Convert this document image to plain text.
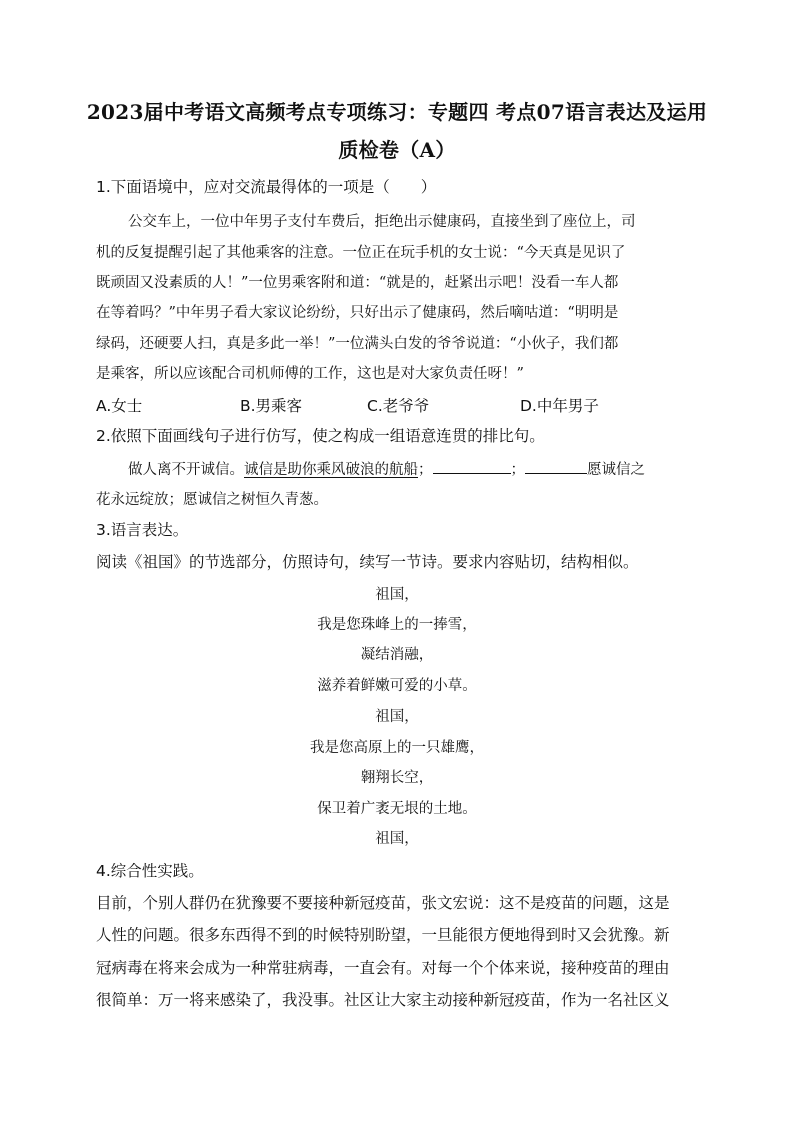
2023届中考语文高频考点专项练习：专题四 考点07语言表达及运用
质检卷（A）
1.下面语境中，应对交流最得体的一项是（　　）
公交车上，一位中年男子支付车费后，拒绝出示健康码，直接坐到了座位上，司
机的反复提醒引起了其他乘客的注意。一位正在玩手机的女士说：“今天真是见识了
既顽固又没素质的人！”一位男乘客附和道：“就是的，赶紧出示吧！没看一车人都
在等着吗？”中年男子看大家议论纷纷，只好出示了健康码，然后嘀咕道：“明明是
绿码，还硬要人扫，真是多此一举！”一位满头白发的爷爷说道：“小伙子，我们都
是乘客，所以应该配合司机师傅的工作，这也是对大家负责任呀！”
A.女士	B.男乘客	C.老爷爷	D.中年男子
2.依照下面画线句子进行仿写，使之构成一组语意连贯的排比句。
做人离不开诚信。诚信是助你乘风破浪的航船；	；	愿诚信之
花永远绽放；愿诚信之树恒久青葱。
3.语言表达。
阅读《祖国》的节选部分，仿照诗句，续写一节诗。要求内容贴切，结构相似。
祖国，
我是您珠峰上的一捧雪，
凝结消融，
滋养着鲜嫩可爱的小草。
祖国，
我是您高原上的一只雄鹰，
翱翔长空，
保卫着广袤无垠的土地。
祖国，
4.综合性实践。
目前，个别人群仍在犹豫要不要接种新冠疫苗，张文宏说：这不是疫苗的问题，这是
人性的问题。很多东西得不到的时候特别盼望，一旦能很方便地得到时又会犹豫。新
冠病毒在将来会成为一种常驻病毒，一直会有。对每一个个体来说，接种疫苗的理由
很简单：万一将来感染了，我没事。社区让大家主动接种新冠疫苗，作为一名社区义
